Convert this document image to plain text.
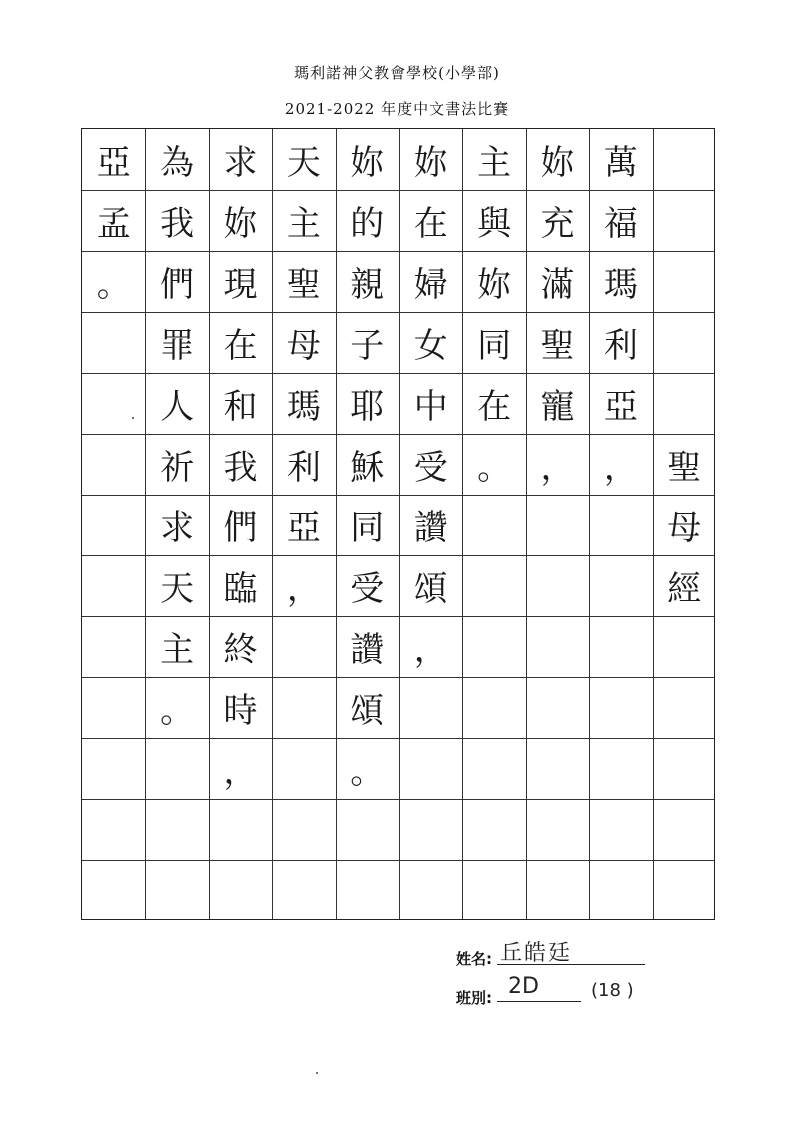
瑪利諾神父教會學校(小學部)
2021-2022 年度中文書法比賽
聖
母
經
萬
福
瑪
利
亞
，
妳
充
滿
聖
寵
，
主
與
妳
同
在
。
妳
在
婦
女
中
受
讚
頌
，
妳
的
親
子
耶
穌
同
受
讚
頌
。
天
主
聖
母
瑪
利
亞
，
求
妳
現
在
和
我
們
臨
終
時
，
為
我
們
罪
人
祈
求
天
主
。
亞
孟
。
姓名: 丘皓廷
班別: 2D	(18 )
